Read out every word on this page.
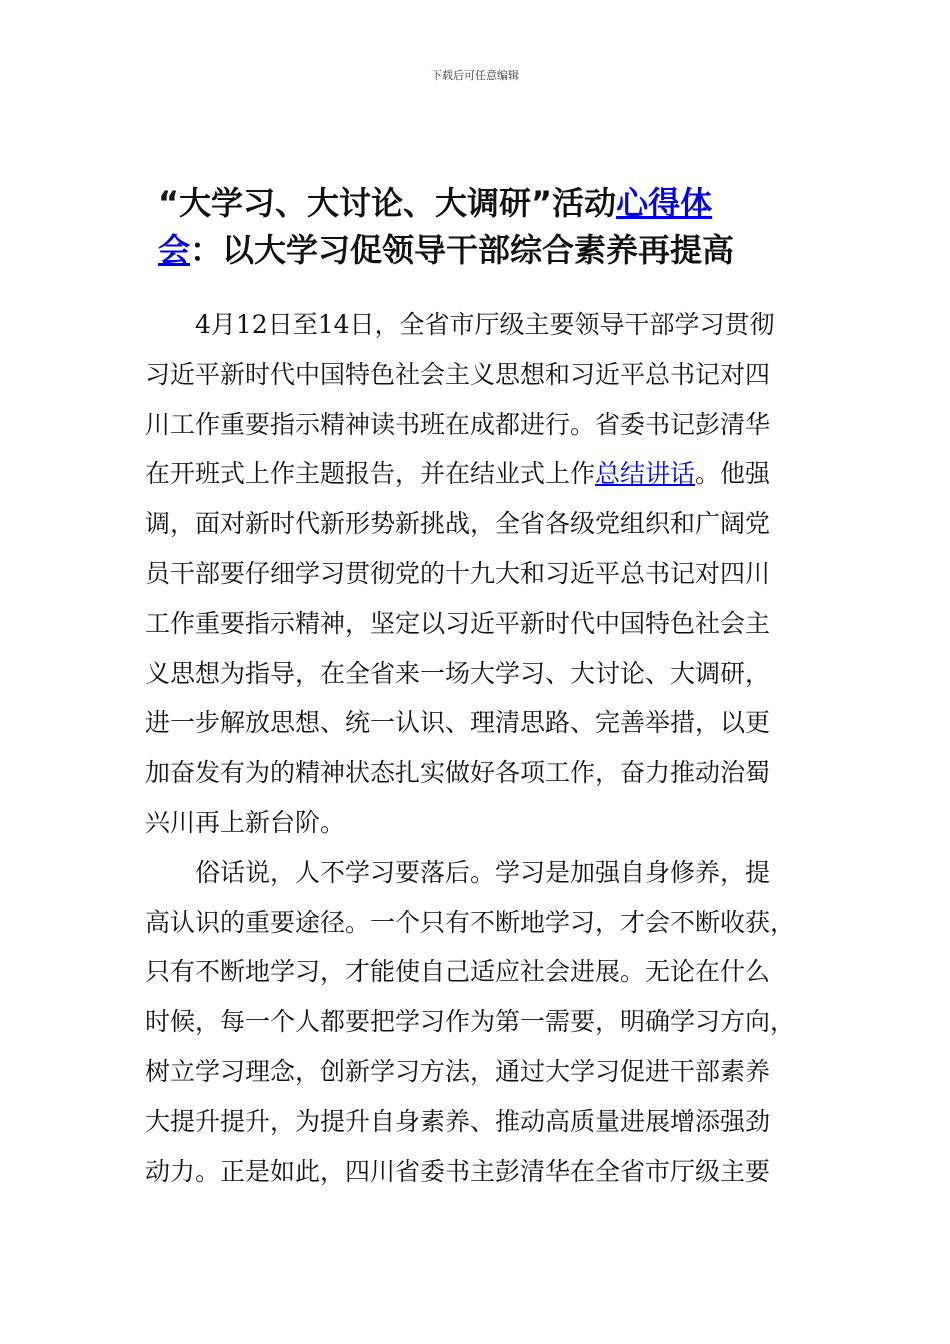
下载后可任意编辑
“大学习、大讨论、大调研”活动心得体
会：以大学习促领导干部综合素养再提高
　　4月12日至14日，全省市厅级主要领导干部学习贯彻
习近平新时代中国特色社会主义思想和习近平总书记对四
川工作重要指示精神读书班在成都进行。省委书记彭清华
在开班式上作主题报告，并在结业式上作总结讲话。他强
调，面对新时代新形势新挑战，全省各级党组织和广阔党
员干部要仔细学习贯彻党的十九大和习近平总书记对四川
工作重要指示精神，坚定以习近平新时代中国特色社会主
义思想为指导，在全省来一场大学习、大讨论、大调研，
进一步解放思想、统一认识、理清思路、完善举措，以更
加奋发有为的精神状态扎实做好各项工作，奋力推动治蜀
兴川再上新台阶。
　　俗话说，人不学习要落后。学习是加强自身修养，提
高认识的重要途径。一个只有不断地学习，才会不断收获，
只有不断地学习，才能使自己适应社会进展。无论在什么
时候，每一个人都要把学习作为第一需要，明确学习方向，
树立学习理念，创新学习方法，通过大学习促进干部素养
大提升提升，为提升自身素养、推动高质量进展增添强劲
动力。正是如此，四川省委书主彭清华在全省市厅级主要
